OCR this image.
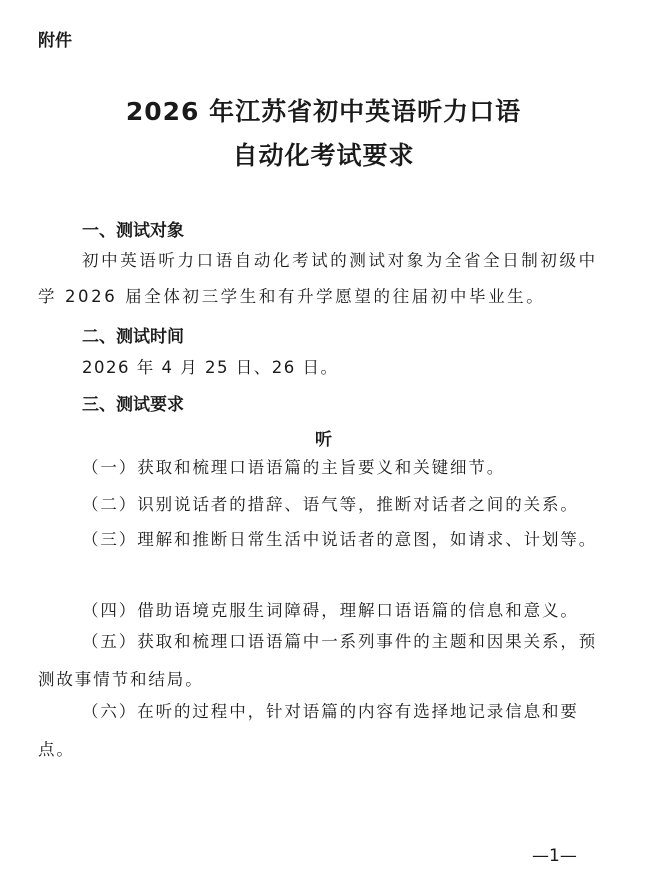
附件
2026 年江苏省初中英语听力口语
自动化考试要求
一、测试对象

初中英语听力口语自动化考试的测试对象为全省全日制初级中学 2026 届全体初三学生和有升学愿望的往届初中毕业生。

二、测试时间
2026 年 4 月 25 日、26 日。
三、测试要求
听

（一）获取和梳理口语语篇的主旨要义和关键细节。

（二）识别说话者的措辞、语气等，推断对话者之间的关系。

（三）理解和推断日常生活中说话者的意图，如请求、计划等。

（四）借助语境克服生词障碍，理解口语语篇的信息和意义。

（五）获取和梳理口语语篇中一系列事件的主题和因果关系，预测故事情节和结局。

（六）在听的过程中，针对语篇的内容有选择地记录信息和要点。

—1—
